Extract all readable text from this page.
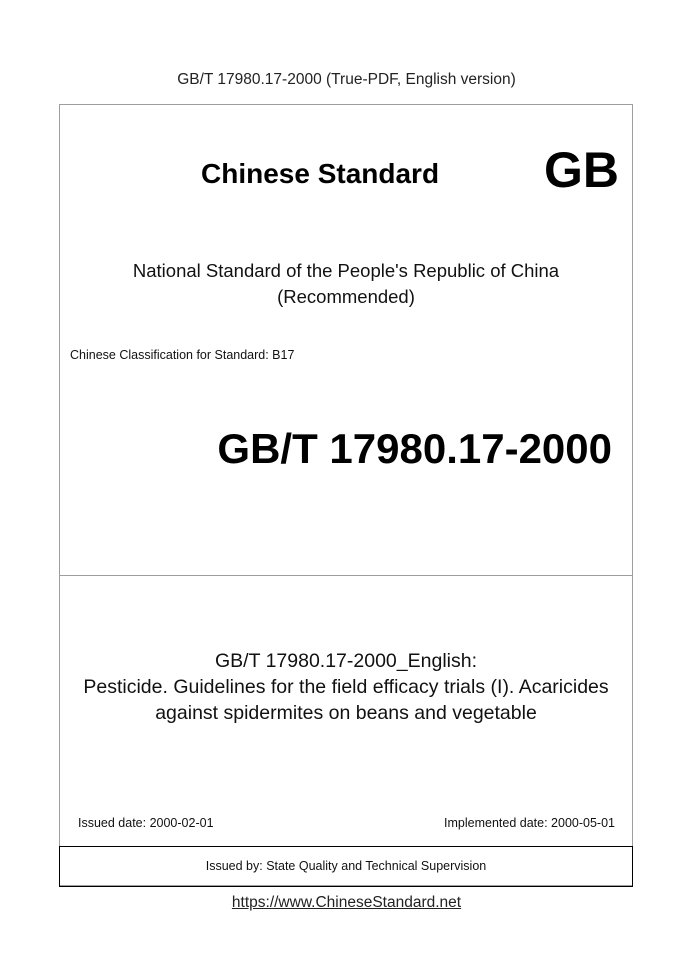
GB/T 17980.17-2000 (True-PDF, English version)
Chinese Standard GB
National Standard of the People's Republic of China
(Recommended)
Chinese Classification for Standard: B17
GB/T 17980.17-2000
GB/T 17980.17-2000_English:
Pesticide. Guidelines for the field efficacy trials (I). Acaricides
against spidermites on beans and vegetable
Issued date: 2000-02-01	Implemented date: 2000-05-01
Issued by: State Quality and Technical Supervision
https://www.ChineseStandard.net
